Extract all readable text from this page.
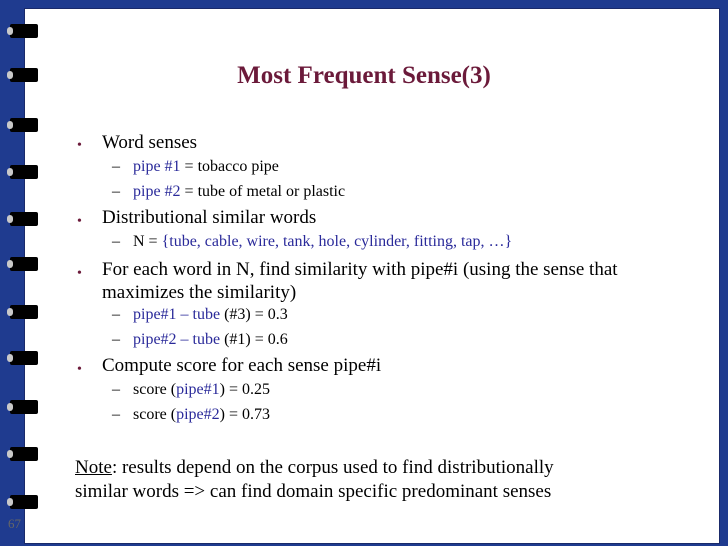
Most Frequent Sense(3)
• Word senses
– pipe #1 = tobacco pipe
– pipe #2 = tube of metal or plastic
• Distributional similar words
– N = {tube, cable, wire, tank, hole, cylinder, fitting, tap, …}
• For each word in N, find similarity with pipe#i (using the sense that
maximizes the similarity)
– pipe#1 – tube (#3) = 0.3
– pipe#2 – tube (#1) = 0.6
• Compute score for each sense pipe#i
– score (pipe#1) = 0.25
– score (pipe#2) = 0.73
Note: results depend on the corpus used to find distributionally
similar words => can find domain specific predominant senses
67
